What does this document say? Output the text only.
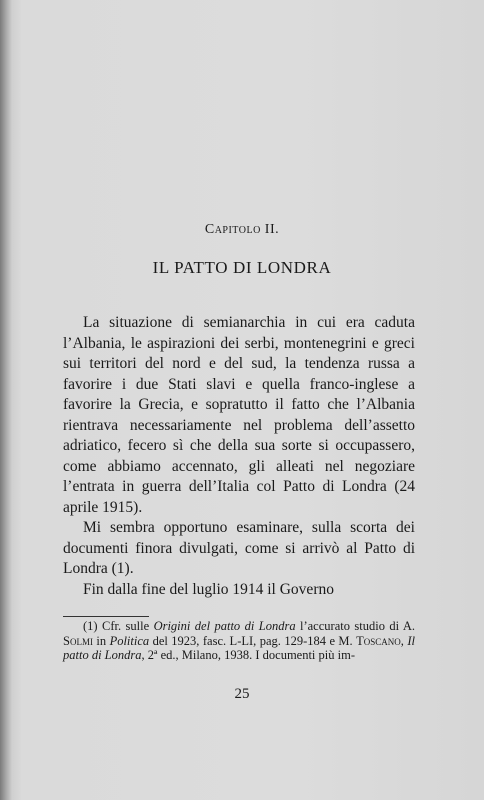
Capitolo II.
IL PATTO DI LONDRA

La situazione di semianarchia in cui era caduta l’Albania, le aspirazioni dei serbi, montenegrini e greci sui territori del nord e del sud, la tendenza russa a favorire i due Stati slavi e quella franco-inglese a favorire la Grecia, e sopratutto il fatto che l’Albania rientrava necessariamente nel problema dell’assetto adriatico, fecero sì che della sua sorte si occupassero, come abbiamo accennato, gli alleati nel negoziare l’entrata in guerra dell’Italia col Patto di Londra (24 aprile 1915).

Mi sembra opportuno esaminare, sulla scorta dei documenti finora divulgati, come si arrivò al Patto di Londra (1).

Fin dalla fine del luglio 1914 il Governo

(1) Cfr. sulle Origini del patto di Londra l’accurato studio di A. Solmi in Politica del 1923, fasc. L-LI, pag. 129-184 e M. Toscano, Il patto di Londra, 2ª ed., Milano, 1938. I documenti più im-
25
